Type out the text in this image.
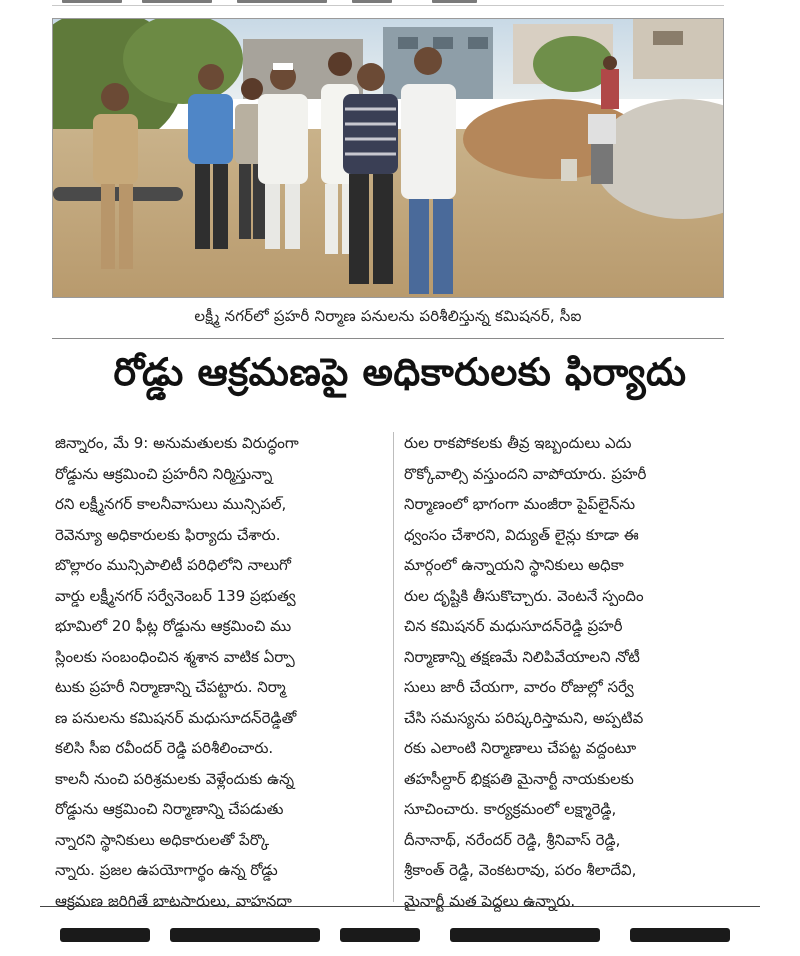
లక్ష్మీ నగర్‌లో ప్రహరీ నిర్మాణ పనులను పరిశీలిస్తున్న కమిషనర్, సీఐ
రోడ్డు ఆక్రమణపై అధికారులకు ఫిర్యాదు
జిన్నారం, మే 9: అనుమతులకు విరుద్ధంగా
రోడ్డును ఆక్రమించి ప్రహరీని నిర్మిస్తున్నా
రని లక్ష్మీనగర్ కాలనీవాసులు మున్సిపల్,
రెవెన్యూ అధికారులకు ఫిర్యాదు చేశారు.
బొల్లారం మున్సిపాలిటీ పరిధిలోని నాలుగో
వార్డు లక్ష్మీనగర్ సర్వేనెంబర్ 139 ప్రభుత్వ
భూమిలో 20 ఫీట్ల రోడ్డును ఆక్రమించి ము
స్లింలకు సంబంధించిన శ్మశాన వాటిక ఏర్పా
టుకు ప్రహరీ నిర్మాణాన్ని చేపట్టారు. నిర్మా
ణ పనులను కమిషనర్ మధుసూదన్‌రెడ్డితో
కలిసి సీఐ రవీందర్ రెడ్డి పరిశీలించారు.
కాలనీ నుంచి పరిశ్రమలకు వెళ్లేందుకు ఉన్న
రోడ్డును ఆక్రమించి నిర్మాణాన్ని చేపడుతు
న్నారని స్థానికులు అధికారులతో పేర్కొ
న్నారు. ప్రజల ఉపయోగార్థం ఉన్న రోడ్డు
ఆక్రమణ జరిగితే బాటసారులు, వాహనదా
రుల రాకపోకలకు తీవ్ర ఇబ్బందులు ఎదు
రొక్కోవాల్సి వస్తుందని వాపోయారు. ప్రహరీ
నిర్మాణంలో భాగంగా మంజీరా పైప్‌లైన్‌ను
ధ్వంసం చేశారని, విద్యుత్ లైన్లు కూడా ఈ
మార్గంలో ఉన్నాయని స్థానికులు అధికా
రుల దృష్టికి తీసుకొచ్చారు. వెంటనే స్పందిం
చిన కమిషనర్ మధుసూదన్‌రెడ్డి ప్రహరీ
నిర్మాణాన్ని తక్షణమే నిలిపివేయాలని నోటీ
సులు జారీ చేయగా, వారం రోజుల్లో సర్వే
చేసి సమస్యను పరిష్కరిస్తామని, అప్పటివ
రకు ఎలాంటి నిర్మాణాలు చేపట్ట వద్దంటూ
తహసీల్దార్ భిక్షపతి మైనార్టీ నాయకులకు
సూచించారు. కార్యక్రమంలో లక్ష్మారెడ్డి,
దీనానాథ్, నరేందర్ రెడ్డి, శ్రీనివాస్ రెడ్డి,
శ్రీకాంత్ రెడ్డి, వెంకటరావు, పరం శీలాదేవి,
మైనార్టీ మత పెద్దలు ఉన్నారు.
